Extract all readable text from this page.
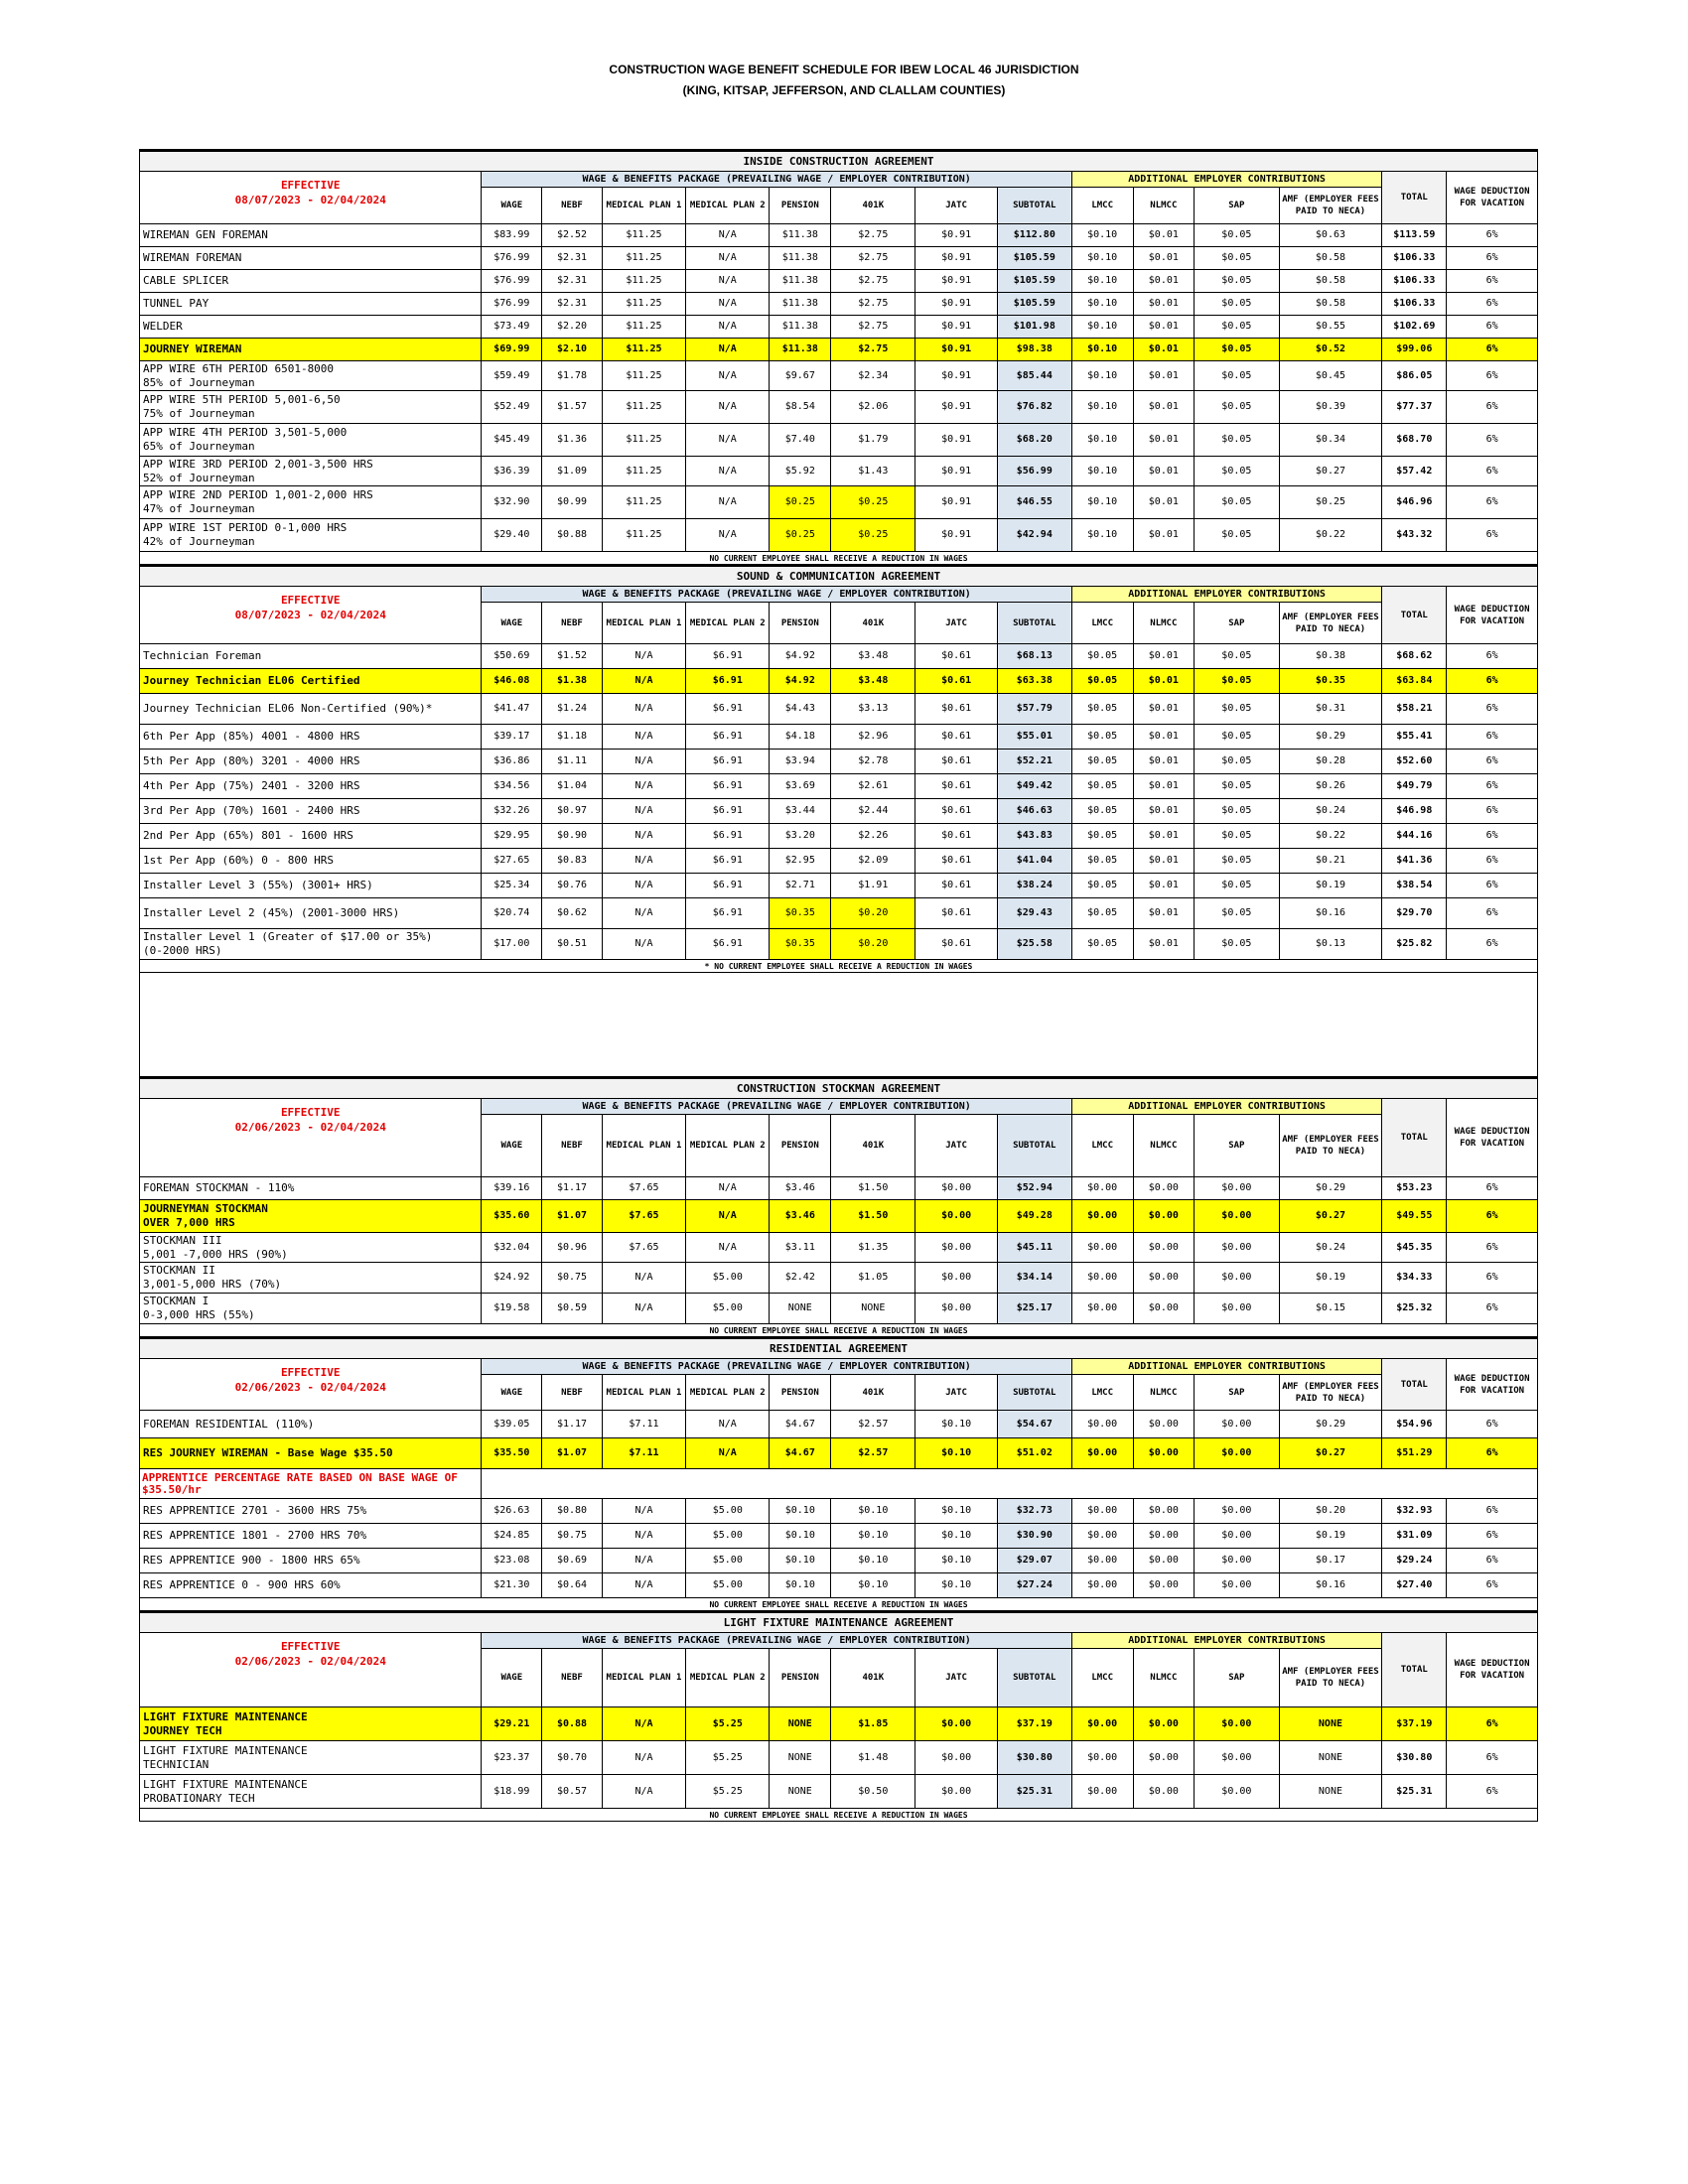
CONSTRUCTION WAGE BENEFIT SCHEDULE FOR IBEW LOCAL 46 JURISDICTION
(KING, KITSAP, JEFFERSON, AND CLALLAM COUNTIES)
INSIDE CONSTRUCTION AGREEMENT														

EFFECTIVE
08/07/2023 - 02/04/2024	WAGE & BENEFITS PACKAGE (PREVAILING WAGE / EMPLOYER CONTRIBUTION)								ADDITIONAL EMPLOYER CONTRIBUTIONS				TOTAL	WAGE DEDUCTION FOR VACATION
	WAGE	NEBF	MEDICAL PLAN 1	MEDICAL PLAN 2	PENSION	401K	JATC	SUBTOTAL	LMCC	NLMCC	SAP	AMF (EMPLOYER FEES PAID TO NECA)		

WIREMAN GEN FOREMAN	$83.99	$2.52	$11.25	N/A	$11.38	$2.75	$0.91	$112.80	$0.10	$0.01	$0.05	$0.63	$113.59	6%

WIREMAN FOREMAN	$76.99	$2.31	$11.25	N/A	$11.38	$2.75	$0.91	$105.59	$0.10	$0.01	$0.05	$0.58	$106.33	6%

CABLE SPLICER	$76.99	$2.31	$11.25	N/A	$11.38	$2.75	$0.91	$105.59	$0.10	$0.01	$0.05	$0.58	$106.33	6%

TUNNEL PAY	$76.99	$2.31	$11.25	N/A	$11.38	$2.75	$0.91	$105.59	$0.10	$0.01	$0.05	$0.58	$106.33	6%

WELDER	$73.49	$2.20	$11.25	N/A	$11.38	$2.75	$0.91	$101.98	$0.10	$0.01	$0.05	$0.55	$102.69	6%

JOURNEY WIREMAN	$69.99	$2.10	$11.25	N/A	$11.38	$2.75	$0.91	$98.38	$0.10	$0.01	$0.05	$0.52	$99.06	6%

APP WIRE 6TH PERIOD 6501-8000
85% of Journeyman	$59.49	$1.78	$11.25	N/A	$9.67	$2.34	$0.91	$85.44	$0.10	$0.01	$0.05	$0.45	$86.05	6%

APP WIRE 5TH PERIOD 5,001-6,50
75% of Journeyman	$52.49	$1.57	$11.25	N/A	$8.54	$2.06	$0.91	$76.82	$0.10	$0.01	$0.05	$0.39	$77.37	6%

APP WIRE 4TH PERIOD 3,501-5,000
65% of Journeyman	$45.49	$1.36	$11.25	N/A	$7.40	$1.79	$0.91	$68.20	$0.10	$0.01	$0.05	$0.34	$68.70	6%

APP WIRE 3RD PERIOD 2,001-3,500 HRS
52% of Journeyman	$36.39	$1.09	$11.25	N/A	$5.92	$1.43	$0.91	$56.99	$0.10	$0.01	$0.05	$0.27	$57.42	6%

APP WIRE 2ND PERIOD 1,001-2,000 HRS
47% of Journeyman	$32.90	$0.99	$11.25	N/A	$0.25	$0.25	$0.91	$46.55	$0.10	$0.01	$0.05	$0.25	$46.96	6%

APP WIRE 1ST PERIOD 0-1,000 HRS
42% of Journeyman	$29.40	$0.88	$11.25	N/A	$0.25	$0.25	$0.91	$42.94	$0.10	$0.01	$0.05	$0.22	$43.32	6%
NO CURRENT EMPLOYEE SHALL RECEIVE A REDUCTION IN WAGES														
SOUND & COMMUNICATION AGREEMENT														

EFFECTIVE
08/07/2023 - 02/04/2024	WAGE & BENEFITS PACKAGE (PREVAILING WAGE / EMPLOYER CONTRIBUTION)								ADDITIONAL EMPLOYER CONTRIBUTIONS				TOTAL	WAGE DEDUCTION FOR VACATION
	WAGE	NEBF	MEDICAL PLAN 1	MEDICAL PLAN 2	PENSION	401K	JATC	SUBTOTAL	LMCC	NLMCC	SAP	AMF (EMPLOYER FEES PAID TO NECA)		

Technician Foreman	$50.69	$1.52	N/A	$6.91	$4.92	$3.48	$0.61	$68.13	$0.05	$0.01	$0.05	$0.38	$68.62	6%

Journey Technician EL06 Certified	$46.08	$1.38	N/A	$6.91	$4.92	$3.48	$0.61	$63.38	$0.05	$0.01	$0.05	$0.35	$63.84	6%

Journey Technician EL06 Non-Certified (90%)*	$41.47	$1.24	N/A	$6.91	$4.43	$3.13	$0.61	$57.79	$0.05	$0.01	$0.05	$0.31	$58.21	6%

6th Per App (85%) 4001 - 4800 HRS	$39.17	$1.18	N/A	$6.91	$4.18	$2.96	$0.61	$55.01	$0.05	$0.01	$0.05	$0.29	$55.41	6%

5th Per App (80%) 3201 - 4000 HRS	$36.86	$1.11	N/A	$6.91	$3.94	$2.78	$0.61	$52.21	$0.05	$0.01	$0.05	$0.28	$52.60	6%

4th Per App (75%) 2401 - 3200 HRS	$34.56	$1.04	N/A	$6.91	$3.69	$2.61	$0.61	$49.42	$0.05	$0.01	$0.05	$0.26	$49.79	6%

3rd Per App (70%) 1601 - 2400 HRS	$32.26	$0.97	N/A	$6.91	$3.44	$2.44	$0.61	$46.63	$0.05	$0.01	$0.05	$0.24	$46.98	6%

2nd Per App (65%) 801 - 1600 HRS	$29.95	$0.90	N/A	$6.91	$3.20	$2.26	$0.61	$43.83	$0.05	$0.01	$0.05	$0.22	$44.16	6%

1st Per App (60%) 0 - 800 HRS	$27.65	$0.83	N/A	$6.91	$2.95	$2.09	$0.61	$41.04	$0.05	$0.01	$0.05	$0.21	$41.36	6%

Installer Level 3 (55%) (3001+ HRS)	$25.34	$0.76	N/A	$6.91	$2.71	$1.91	$0.61	$38.24	$0.05	$0.01	$0.05	$0.19	$38.54	6%

Installer Level 2 (45%) (2001-3000 HRS)	$20.74	$0.62	N/A	$6.91	$0.35	$0.20	$0.61	$29.43	$0.05	$0.01	$0.05	$0.16	$29.70	6%

Installer Level 1 (Greater of $17.00 or 35%)
(0-2000 HRS)	$17.00	$0.51	N/A	$6.91	$0.35	$0.20	$0.61	$25.58	$0.05	$0.01	$0.05	$0.13	$25.82	6%
* NO CURRENT EMPLOYEE SHALL RECEIVE A REDUCTION IN WAGES														

CONSTRUCTION STOCKMAN AGREEMENT														

EFFECTIVE
02/06/2023 - 02/04/2024	WAGE & BENEFITS PACKAGE (PREVAILING WAGE / EMPLOYER CONTRIBUTION)								ADDITIONAL EMPLOYER CONTRIBUTIONS				TOTAL	WAGE DEDUCTION FOR VACATION
	WAGE	NEBF	MEDICAL PLAN 1	MEDICAL PLAN 2	PENSION	401K	JATC	SUBTOTAL	LMCC	NLMCC	SAP	AMF (EMPLOYER FEES PAID TO NECA)		

FOREMAN STOCKMAN - 110%	$39.16	$1.17	$7.65	N/A	$3.46	$1.50	$0.00	$52.94	$0.00	$0.00	$0.00	$0.29	$53.23	6%

JOURNEYMAN STOCKMAN
OVER 7,000 HRS	$35.60	$1.07	$7.65	N/A	$3.46	$1.50	$0.00	$49.28	$0.00	$0.00	$0.00	$0.27	$49.55	6%

STOCKMAN III
5,001 -7,000 HRS (90%)	$32.04	$0.96	$7.65	N/A	$3.11	$1.35	$0.00	$45.11	$0.00	$0.00	$0.00	$0.24	$45.35	6%

STOCKMAN II
3,001-5,000 HRS (70%)	$24.92	$0.75	N/A	$5.00	$2.42	$1.05	$0.00	$34.14	$0.00	$0.00	$0.00	$0.19	$34.33	6%

STOCKMAN I
0-3,000 HRS (55%)	$19.58	$0.59	N/A	$5.00	NONE	NONE	$0.00	$25.17	$0.00	$0.00	$0.00	$0.15	$25.32	6%
NO CURRENT EMPLOYEE SHALL RECEIVE A REDUCTION IN WAGES														
RESIDENTIAL AGREEMENT														

EFFECTIVE
02/06/2023 - 02/04/2024	WAGE & BENEFITS PACKAGE (PREVAILING WAGE / EMPLOYER CONTRIBUTION)								ADDITIONAL EMPLOYER CONTRIBUTIONS				TOTAL	WAGE DEDUCTION FOR VACATION
	WAGE	NEBF	MEDICAL PLAN 1	MEDICAL PLAN 2	PENSION	401K	JATC	SUBTOTAL	LMCC	NLMCC	SAP	AMF (EMPLOYER FEES PAID TO NECA)		

FOREMAN RESIDENTIAL (110%)	$39.05	$1.17	$7.11	N/A	$4.67	$2.57	$0.10	$54.67	$0.00	$0.00	$0.00	$0.29	$54.96	6%

RES JOURNEY WIREMAN - Base Wage $35.50	$35.50	$1.07	$7.11	N/A	$4.67	$2.57	$0.10	$51.02	$0.00	$0.00	$0.00	$0.27	$51.29	6%
APPRENTICE PERCENTAGE RATE BASED ON BASE WAGE OF $35.50/hr														

RES APPRENTICE 2701 - 3600 HRS 75%	$26.63	$0.80	N/A	$5.00	$0.10	$0.10	$0.10	$32.73	$0.00	$0.00	$0.00	$0.20	$32.93	6%

RES APPRENTICE 1801 - 2700 HRS 70%	$24.85	$0.75	N/A	$5.00	$0.10	$0.10	$0.10	$30.90	$0.00	$0.00	$0.00	$0.19	$31.09	6%

RES APPRENTICE 900 - 1800 HRS 65%	$23.08	$0.69	N/A	$5.00	$0.10	$0.10	$0.10	$29.07	$0.00	$0.00	$0.00	$0.17	$29.24	6%

RES APPRENTICE 0 - 900 HRS 60%	$21.30	$0.64	N/A	$5.00	$0.10	$0.10	$0.10	$27.24	$0.00	$0.00	$0.00	$0.16	$27.40	6%
NO CURRENT EMPLOYEE SHALL RECEIVE A REDUCTION IN WAGES														
LIGHT FIXTURE MAINTENANCE AGREEMENT														

EFFECTIVE
02/06/2023 - 02/04/2024	WAGE & BENEFITS PACKAGE (PREVAILING WAGE / EMPLOYER CONTRIBUTION)								ADDITIONAL EMPLOYER CONTRIBUTIONS				TOTAL	WAGE DEDUCTION FOR VACATION
	WAGE	NEBF	MEDICAL PLAN 1	MEDICAL PLAN 2	PENSION	401K	JATC	SUBTOTAL	LMCC	NLMCC	SAP	AMF (EMPLOYER FEES PAID TO NECA)		

LIGHT FIXTURE MAINTENANCE
JOURNEY TECH	$29.21	$0.88	N/A	$5.25	NONE	$1.85	$0.00	$37.19	$0.00	$0.00	$0.00	NONE	$37.19	6%

LIGHT FIXTURE MAINTENANCE
TECHNICIAN	$23.37	$0.70	N/A	$5.25	NONE	$1.48	$0.00	$30.80	$0.00	$0.00	$0.00	NONE	$30.80	6%

LIGHT FIXTURE MAINTENANCE
PROBATIONARY TECH	$18.99	$0.57	N/A	$5.25	NONE	$0.50	$0.00	$25.31	$0.00	$0.00	$0.00	NONE	$25.31	6%
NO CURRENT EMPLOYEE SHALL RECEIVE A REDUCTION IN WAGES														
